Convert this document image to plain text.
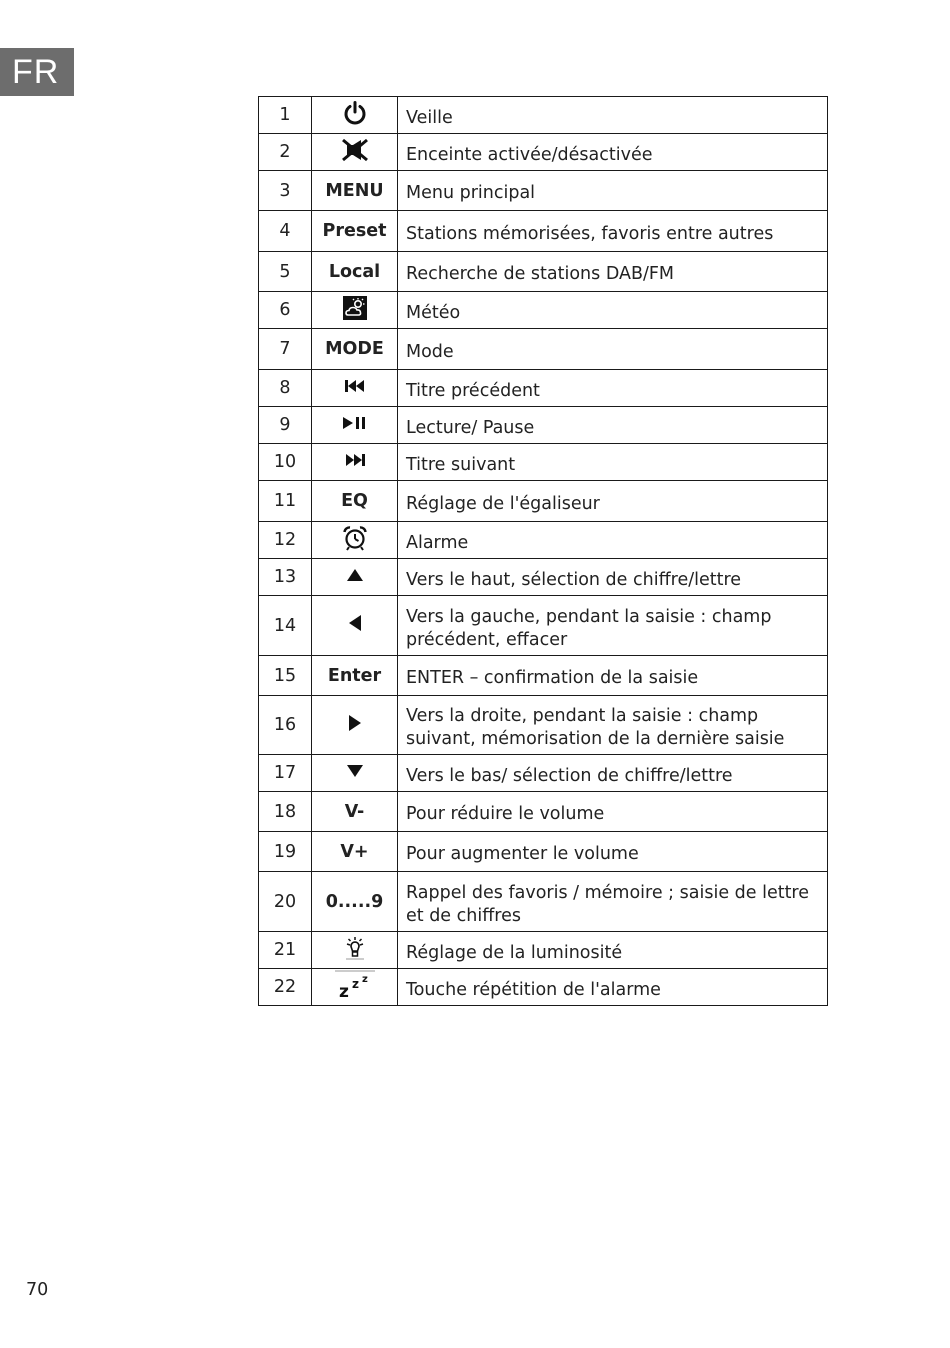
FR
1		Veille

2		Enceinte activée/désactivée

3	MENU	Menu principal

4	Preset	Stations mémorisées, favoris entre autres

5	Local	Recherche de stations DAB/FM

6		Météo

7	MODE	Mode

8		Titre précédent

9		Lecture/ Pause

10		Titre suivant

11	EQ	Réglage de l'égaliseur

12		Alarme

13		Vers le haut, sélection de chiffre/lettre

14		Vers la gauche, pendant la saisie : champ précédent, effacer

15	Enter	ENTER – confirmation de la saisie

16		Vers la droite, pendant la saisie : champ suivant, mémorisation de la dernière saisie

17		Vers le bas/ sélection de chiffre/lettre

18	V-	Pour réduire le volume

19	V+	Pour augmenter le volume

20	0.....9	Rappel des favoris / mémoire ; saisie de lettre et de chiffres

21		Réglage de la luminosité

22	z z z	Touche répétition de l'alarme
70
